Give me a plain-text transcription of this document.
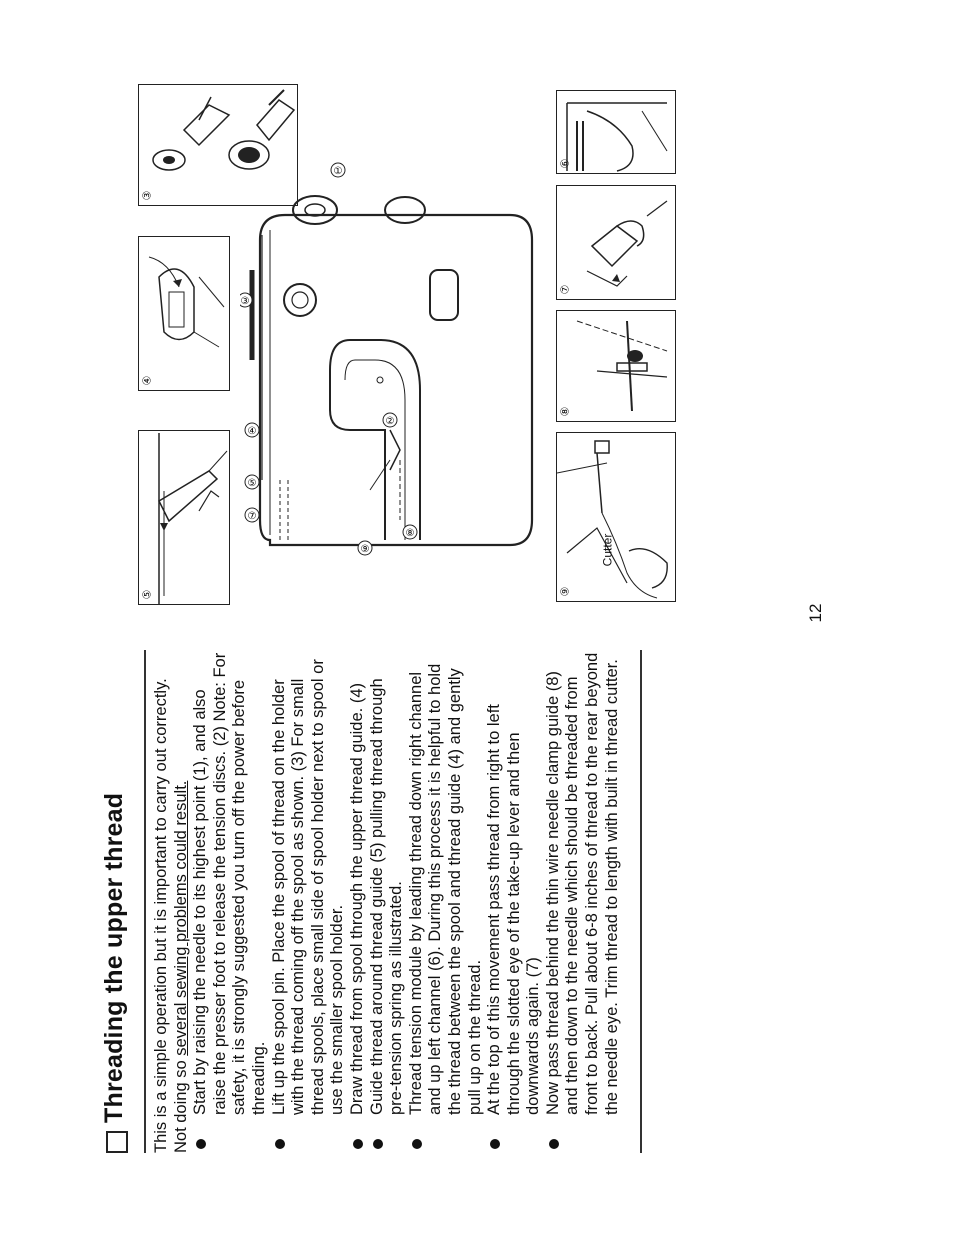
Threading the upper thread This is a simple operation but it is important to carry out correctly. Not doing so several sewing problems could result. Start by raising the needle to its highest point (1), and also raise the presser foot to release the tension discs. (2) Note: For safety, it is strongly suggested you turn off the power before threading. Lift up the spool pin. Place the spool of thread on the holder with the thread coming off the spool as shown. (3) For small thread spools, place small side of spool holder next to spool or use the smaller spool holder. Draw thread from spool through the upper thread guide. (4) Guide thread around thread guide (5) pulling thread through pre-tension spring as illustrated. Thread tension module by leading thread down right channel and up left channel (6). During this process it is helpful to hold the thread between the spool and thread guide (4) and gently pull up on the thread. At the top of this movement pass thread from right to left through the slotted eye of the take-up lever and then downwards again. (7) Now pass thread behind the thin wire needle clamp guide (8) and then down to the needle which should be threaded from front to back. Pull about 6-8 inches of thread to the rear beyond the needle eye. Trim thread to length with built in thread cutter.
12
⑤
④
③
①
③
④
⑤
⑦
②
⑧
⑨	Cutter
⑨
⑧
⑦
⑥
